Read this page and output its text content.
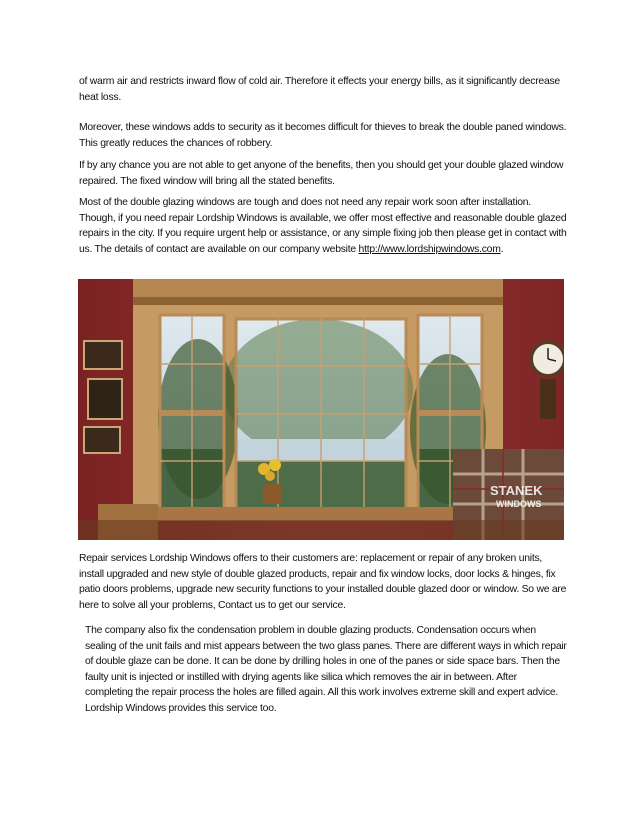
of warm air and restricts inward flow of cold air. Therefore it effects your energy bills, as it significantly decrease heat loss.

Moreover, these windows adds to security as it becomes difficult for thieves to break the double paned windows. This greatly reduces the chances of robbery.

If by any chance you are not able to get anyone of the benefits, then you should get your double glazed window repaired. The fixed window will bring all the stated benefits.

Most of the double glazing windows are tough and does not need any repair work soon after installation. Though, if you need repair Lordship Windows is available, we offer most effective and reasonable double glazed repairs in the city. If you require urgent help or assistance, or any simple fixing job then please get in contact with us. The details of contact are available on our company website http://www.lordshipwindows.com.

STANEK
WINDOWS

Repair services Lordship Windows offers to their customers are: replacement or repair of any broken units, install upgraded and new style of double glazed products, repair and fix window locks, door locks & hinges, fix patio doors problems, upgrade new security functions to your installed double glazed door or window. So we are here to solve all your problems, Contact us to get our service.

The company also fix the condensation problem in double glazing products. Condensation occurs when sealing of the unit fails and mist appears between the two glass panes. There are different ways in which repair of double glaze can be done. It can be done by drilling holes in one of the panes or side space bars. Then the faulty unit is injected or instilled with drying agents like silica which removes the air in between. After completing the repair process the holes are filled again. All this work involves extreme skill and expert advice. Lordship Windows provides this service too.
